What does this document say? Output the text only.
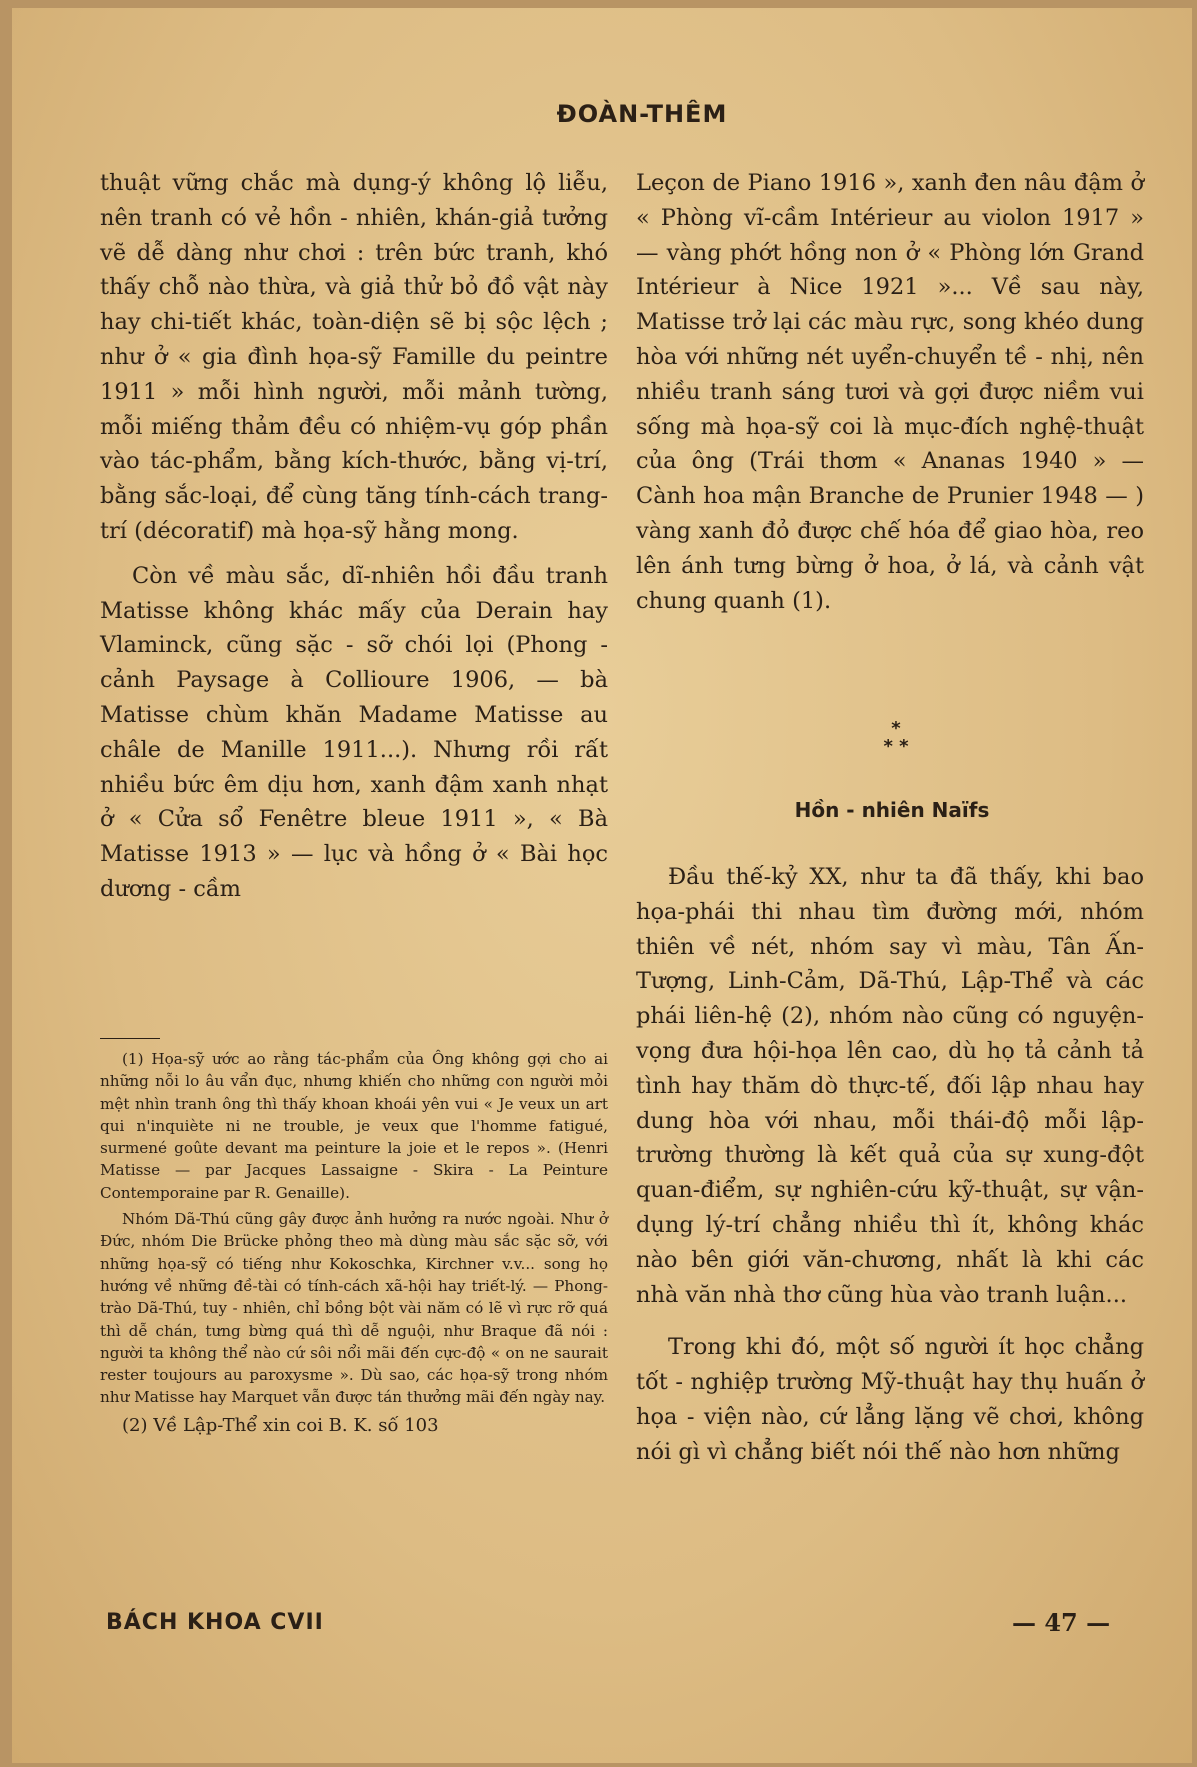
ĐOÀN-THÊM

thuật vững chắc mà dụng-ý không lộ liễu, nên tranh có vẻ hồn - nhiên, khán-giả tưởng vẽ dễ dàng như chơi : trên bức tranh, khó thấy chỗ nào thừa, và giả thử bỏ đồ vật này hay chi-tiết khác, toàn-diện sẽ bị sộc lệch ; như ở « gia đình họa-sỹ Famille du peintre 1911 » mỗi hình người, mỗi mảnh tường, mỗi miếng thảm đều có nhiệm-vụ góp phần vào tác-phẩm, bằng kích-thước, bằng vị-trí, bằng sắc-loại, để cùng tăng tính-cách trang-trí (décoratif) mà họa-sỹ hằng mong.

Còn về màu sắc, dĩ-nhiên hồi đầu tranh Matisse không khác mấy của Derain hay Vlaminck, cũng sặc - sỡ chói lọi (Phong - cảnh Paysage à Collioure 1906, — bà Matisse chùm khăn Madame Matisse au châle de Manille 1911...). Nhưng rồi rất nhiều bức êm dịu hơn, xanh đậm xanh nhạt ở « Cửa sổ Fenêtre bleue 1911 », « Bà Matisse 1913 » — lục và hồng ở « Bài học dương - cầm

(1) Họa-sỹ ước ao rằng tác-phẩm của Ông không gợi cho ai những nỗi lo âu vẩn đục, nhưng khiến cho những con người mỏi mệt nhìn tranh ông thì thấy khoan khoái yên vui « Je veux un art qui n'inquiète ni ne trouble, je veux que l'homme fatigué, surmené goûte devant ma peinture la joie et le repos ». (Henri Matisse — par Jacques Lassaigne - Skira - La Peinture Contemporaine par R. Genaille).

Nhóm Dã-Thú cũng gây được ảnh hưởng ra nước ngoài. Như ở Đức, nhóm Die Brücke phỏng theo mà dùng màu sắc sặc sỡ, với những họa-sỹ có tiếng như Kokoschka, Kirchner v.v... song họ hướng về những đề-tài có tính-cách xã-hội hay triết-lý. — Phong-trào Dã-Thú, tuy - nhiên, chỉ bồng bột vài năm có lẽ vì rực rỡ quá thì dễ chán, tưng bừng quá thì dễ nguội, như Braque đã nói : người ta không thể nào cứ sôi nổi mãi đến cực-độ « on ne saurait rester toujours au paroxysme ». Dù sao, các họa-sỹ trong nhóm như Matisse hay Marquet vẫn được tán thưởng mãi đến ngày nay.

(2) Về Lập-Thể xin coi B. K. số 103

Leçon de Piano 1916 », xanh đen nâu đậm ở « Phòng vĩ-cầm Intérieur au violon 1917 » — vàng phớt hồng non ở « Phòng lớn Grand Intérieur à Nice 1921 »... Về sau này, Matisse trở lại các màu rực, song khéo dung hòa với những nét uyển-chuyển tề - nhị, nên nhiều tranh sáng tươi và gợi được niềm vui sống mà họa-sỹ coi là mục-đích nghệ-thuật của ông (Trái thơm « Ananas 1940 » — Cành hoa mận Branche de Prunier 1948 — ) vàng xanh đỏ được chế hóa để giao hòa, reo lên ánh tưng bừng ở hoa, ở lá, và cảnh vật chung quanh (1).

*
* *
Hồn - nhiên Naïfs

Đầu thế-kỷ XX, như ta đã thấy, khi bao họa-phái thi nhau tìm đường mới, nhóm thiên về nét, nhóm say vì màu, Tân Ấn-Tượng, Linh-Cảm, Dã-Thú, Lập-Thể và các phái liên-hệ (2), nhóm nào cũng có nguyện-vọng đưa hội-họa lên cao, dù họ tả cảnh tả tình hay thăm dò thực-tế, đối lập nhau hay dung hòa với nhau, mỗi thái-độ mỗi lập-trường thường là kết quả của sự xung-đột quan-điểm, sự nghiên-cứu kỹ-thuật, sự vận-dụng lý-trí chẳng nhiều thì ít, không khác nào bên giới văn-chương, nhất là khi các nhà văn nhà thơ cũng hùa vào tranh luận...

Trong khi đó, một số người ít học chẳng tốt - nghiệp trường Mỹ-thuật hay thụ huấn ở họa - viện nào, cứ lẳng lặng vẽ chơi, không nói gì vì chẳng biết nói thế nào hơn những

BÁCH KHOA CVII	— 47 —
